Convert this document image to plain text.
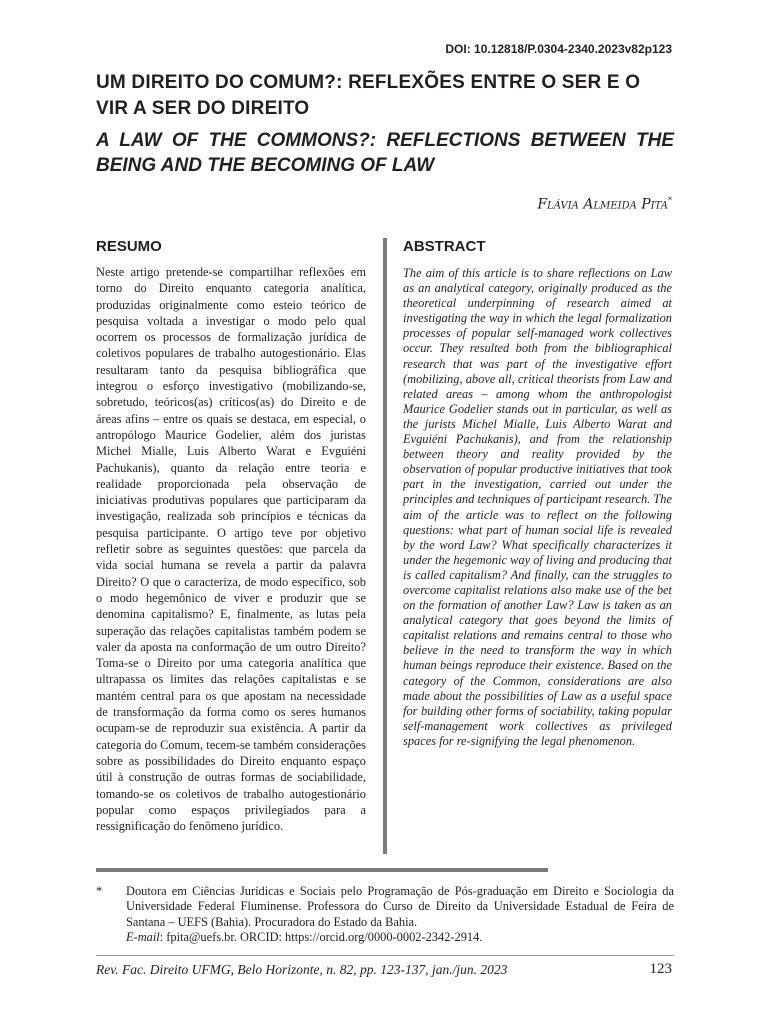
DOI: 10.12818/P.0304-2340.2023v82p123
UM DIREITO DO COMUM?: REFLEXÕES ENTRE O SER E O VIR A SER DO DIREITO
A LAW OF THE COMMONS?: REFLECTIONS BETWEEN THE BEING AND THE BECOMING OF LAW
Flávia Almeida Pita*
RESUMO	ABSTRACT

Neste artigo pretende-se compartilhar reflexões em torno do Direito enquanto categoria analítica, produzidas originalmente como esteio teórico de pesquisa voltada a investigar o modo pelo qual ocorrem os processos de formalização jurídica de coletivos populares de trabalho autogestionário. Elas resultaram tanto da pesquisa bibliográfica que integrou o esforço investigativo (mobilizando-se, sobretudo, teóricos(as) críticos(as) do Direito e de áreas afins – entre os quais se destaca, em especial, o antropólogo Maurice Godelier, além dos juristas Michel Mialle, Luis Alberto Warat e Evguiéni Pachukanis), quanto da relação entre teoria e realidade proporcionada pela observação de iniciativas produtivas populares que participaram da investigação, realizada sob princípios e técnicas da pesquisa participante. O artigo teve por objetivo refletir sobre as seguintes questões: que parcela da vida social humana se revela a partir da palavra Direito? O que o caracteriza, de modo específico, sob o modo hegemônico de viver e produzir que se denomina capitalismo? E, finalmente, as lutas pela superação das relações capitalistas também podem se valer da aposta na conformação de um outro Direito? Toma-se o Direito por uma categoria analítica que ultrapassa os limites das relações capitalistas e se mantém central para os que apostam na necessidade de transformação da forma como os seres humanos ocupam-se de reproduzir sua existência. A partir da categoria do Comum, tecem-se também considerações sobre as possibilidades do Direito enquanto espaço útil à construção de outras formas de sociabilidade, tomando-se os coletivos de trabalho autogestionário popular como espaços privilegiados para a ressignificação do fenômeno jurídico.

The aim of this article is to share reflections on Law as an analytical category, originally produced as the theoretical underpinning of research aimed at investigating the way in which the legal formalization processes of popular self-managed work collectives occur. They resulted both from the bibliographical research that was part of the investigative effort (mobilizing, above all, critical theorists from Law and related areas – among whom the anthropologist Maurice Godelier stands out in particular, as well as the jurists Michel Mialle, Luis Alberto Warat and Evguiéni Pachukanis), and from the relationship between theory and reality provided by the observation of popular productive initiatives that took part in the investigation, carried out under the principles and techniques of participant research. The aim of the article was to reflect on the following questions: what part of human social life is revealed by the word Law? What specifically characterizes it under the hegemonic way of living and producing that is called capitalism? And finally, can the struggles to overcome capitalist relations also make use of the bet on the formation of another Law? Law is taken as an analytical category that goes beyond the limits of capitalist relations and remains central to those who believe in the need to transform the way in which human beings reproduce their existence. Based on the category of the Common, considerations are also made about the possibilities of Law as a useful space for building other forms of sociability, taking popular self-management work collectives as privileged spaces for re-signifying the legal phenomenon.

* Doutora em Ciências Jurídicas e Sociais pelo Programação de Pós-graduação em Direito e Sociologia da Universidade Federal Fluminense. Professora do Curso de Direito da Universidade Estadual de Feira de Santana – UEFS (Bahia). Procuradora do Estado da Bahia.
E-mail: fpita@uefs.br. ORCID: https://orcid.org/0000-0002-2342-2914.
Rev. Fac. Direito UFMG, Belo Horizonte, n. 82, pp. 123-137, jan./jun. 2023	123
